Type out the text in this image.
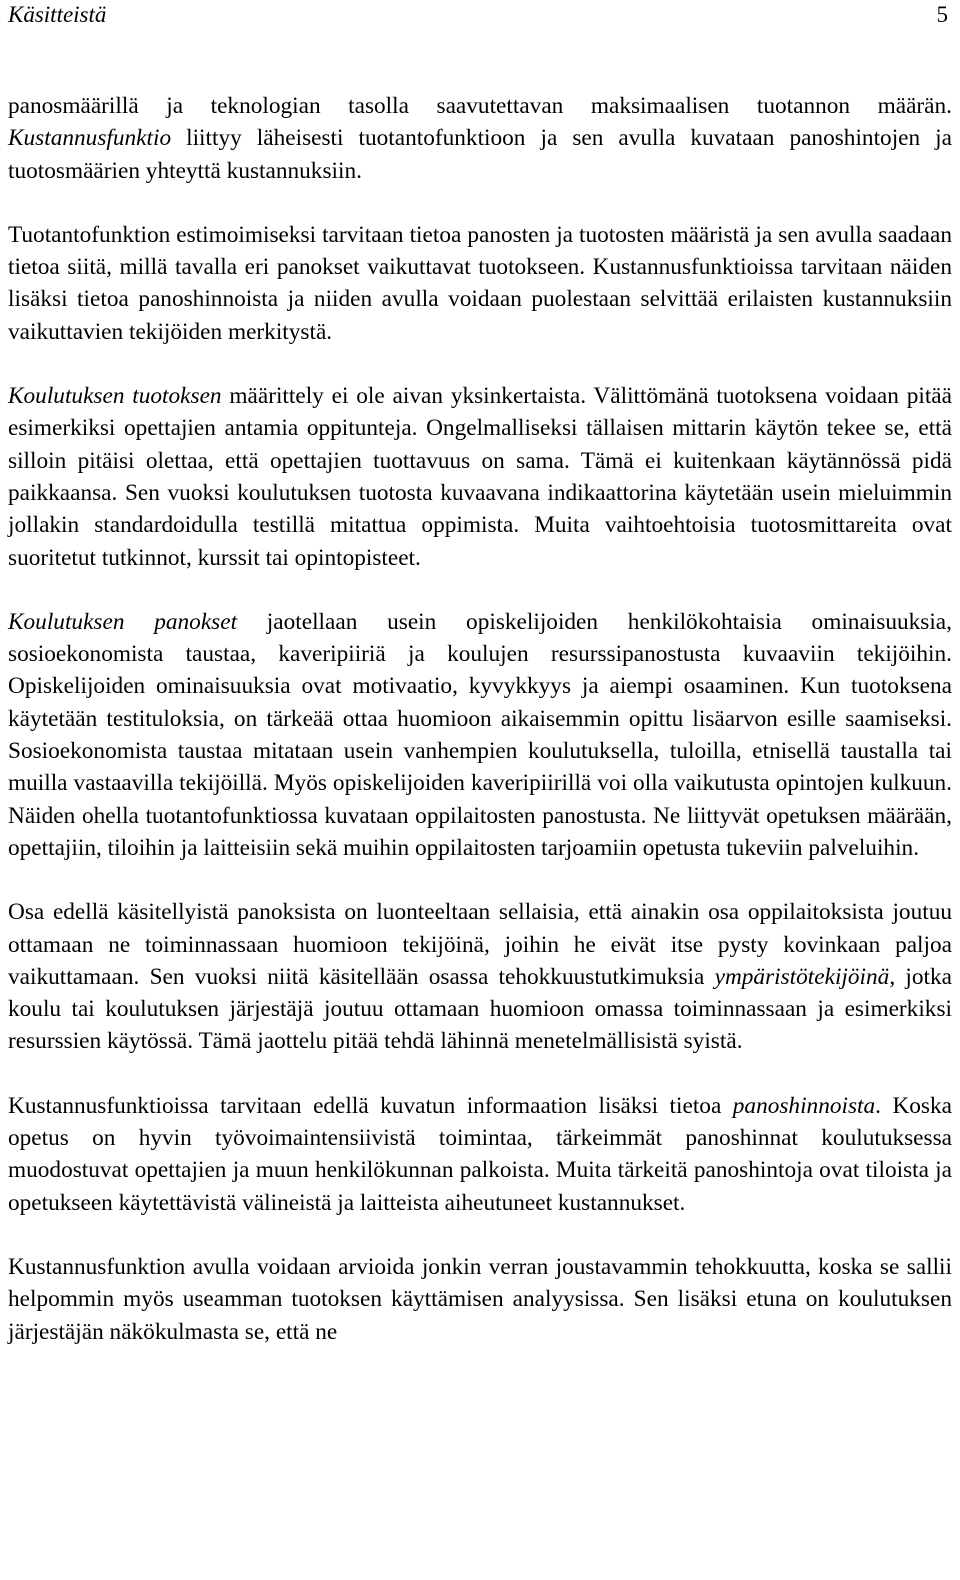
Käsitteistä	5

panosmäärillä ja teknologian tasolla saavutettavan maksimaalisen tuotannon määrän. Kustannusfunktio liittyy läheisesti tuotantofunktioon ja sen avulla kuvataan panoshintojen ja tuotosmäärien yhteyttä kustannuksiin.

Tuotantofunktion estimoimiseksi tarvitaan tietoa panosten ja tuotosten määristä ja sen avulla saadaan tietoa siitä, millä tavalla eri panokset vaikuttavat tuotokseen. Kustannusfunktioissa tarvitaan näiden lisäksi tietoa panoshinnoista ja niiden avulla voidaan puolestaan selvittää erilaisten kustannuksiin vaikuttavien tekijöiden merkitystä.

Koulutuksen tuotoksen määrittely ei ole aivan yksinkertaista. Välittömänä tuotoksena voidaan pitää esimerkiksi opettajien antamia oppitunteja. Ongelmalliseksi tällaisen mittarin käytön tekee se, että silloin pitäisi olettaa, että opettajien tuottavuus on sama. Tämä ei kuitenkaan käytännössä pidä paikkaansa. Sen vuoksi koulutuksen tuotosta kuvaavana indikaattorina käytetään usein mieluimmin jollakin standardoidulla testillä mitattua oppimista. Muita vaihtoehtoisia tuotosmittareita ovat suoritetut tutkinnot, kurssit tai opintopisteet.

Koulutuksen panokset jaotellaan usein opiskelijoiden henkilökohtaisia ominaisuuksia, sosioekonomista taustaa, kaveripiiriä ja koulujen resurssipanostusta kuvaaviin tekijöihin. Opiskelijoiden ominaisuuksia ovat motivaatio, kyvykkyys ja aiempi osaaminen. Kun tuotoksena käytetään testituloksia, on tärkeää ottaa huomioon aikaisemmin opittu lisäarvon esille saamiseksi. Sosioekonomista taustaa mitataan usein vanhempien koulutuksella, tuloilla, etnisellä taustalla tai muilla vastaavilla tekijöillä. Myös opiskelijoiden kaveripiirillä voi olla vaikutusta opintojen kulkuun. Näiden ohella tuotantofunktiossa kuvataan oppilaitosten panostusta. Ne liittyvät opetuksen määrään, opettajiin, tiloihin ja laitteisiin sekä muihin oppilaitosten tarjoamiin opetusta tukeviin palveluihin.

Osa edellä käsitellyistä panoksista on luonteeltaan sellaisia, että ainakin osa oppilaitoksista joutuu ottamaan ne toiminnassaan huomioon tekijöinä, joihin he eivät itse pysty kovinkaan paljoa vaikuttamaan. Sen vuoksi niitä käsitellään osassa tehokkuustutkimuksia ympäristötekijöinä, jotka koulu tai koulutuksen järjestäjä joutuu ottamaan huomioon omassa toiminnassaan ja esimerkiksi resurssien käytössä. Tämä jaottelu pitää tehdä lähinnä menetelmällisistä syistä.

Kustannusfunktioissa tarvitaan edellä kuvatun informaation lisäksi tietoa panoshinnoista. Koska opetus on hyvin työvoimaintensiivistä toimintaa, tärkeimmät panoshinnat koulutuksessa muodostuvat opettajien ja muun henkilökunnan palkoista. Muita tärkeitä panoshintoja ovat tiloista ja opetukseen käytettävistä välineistä ja laitteista aiheutuneet kustannukset.

Kustannusfunktion avulla voidaan arvioida jonkin verran joustavammin tehokkuutta, koska se sallii helpommin myös useamman tuotoksen käyttämisen analyysissa. Sen lisäksi etuna on koulutuksen järjestäjän näkökulmasta se, että ne
